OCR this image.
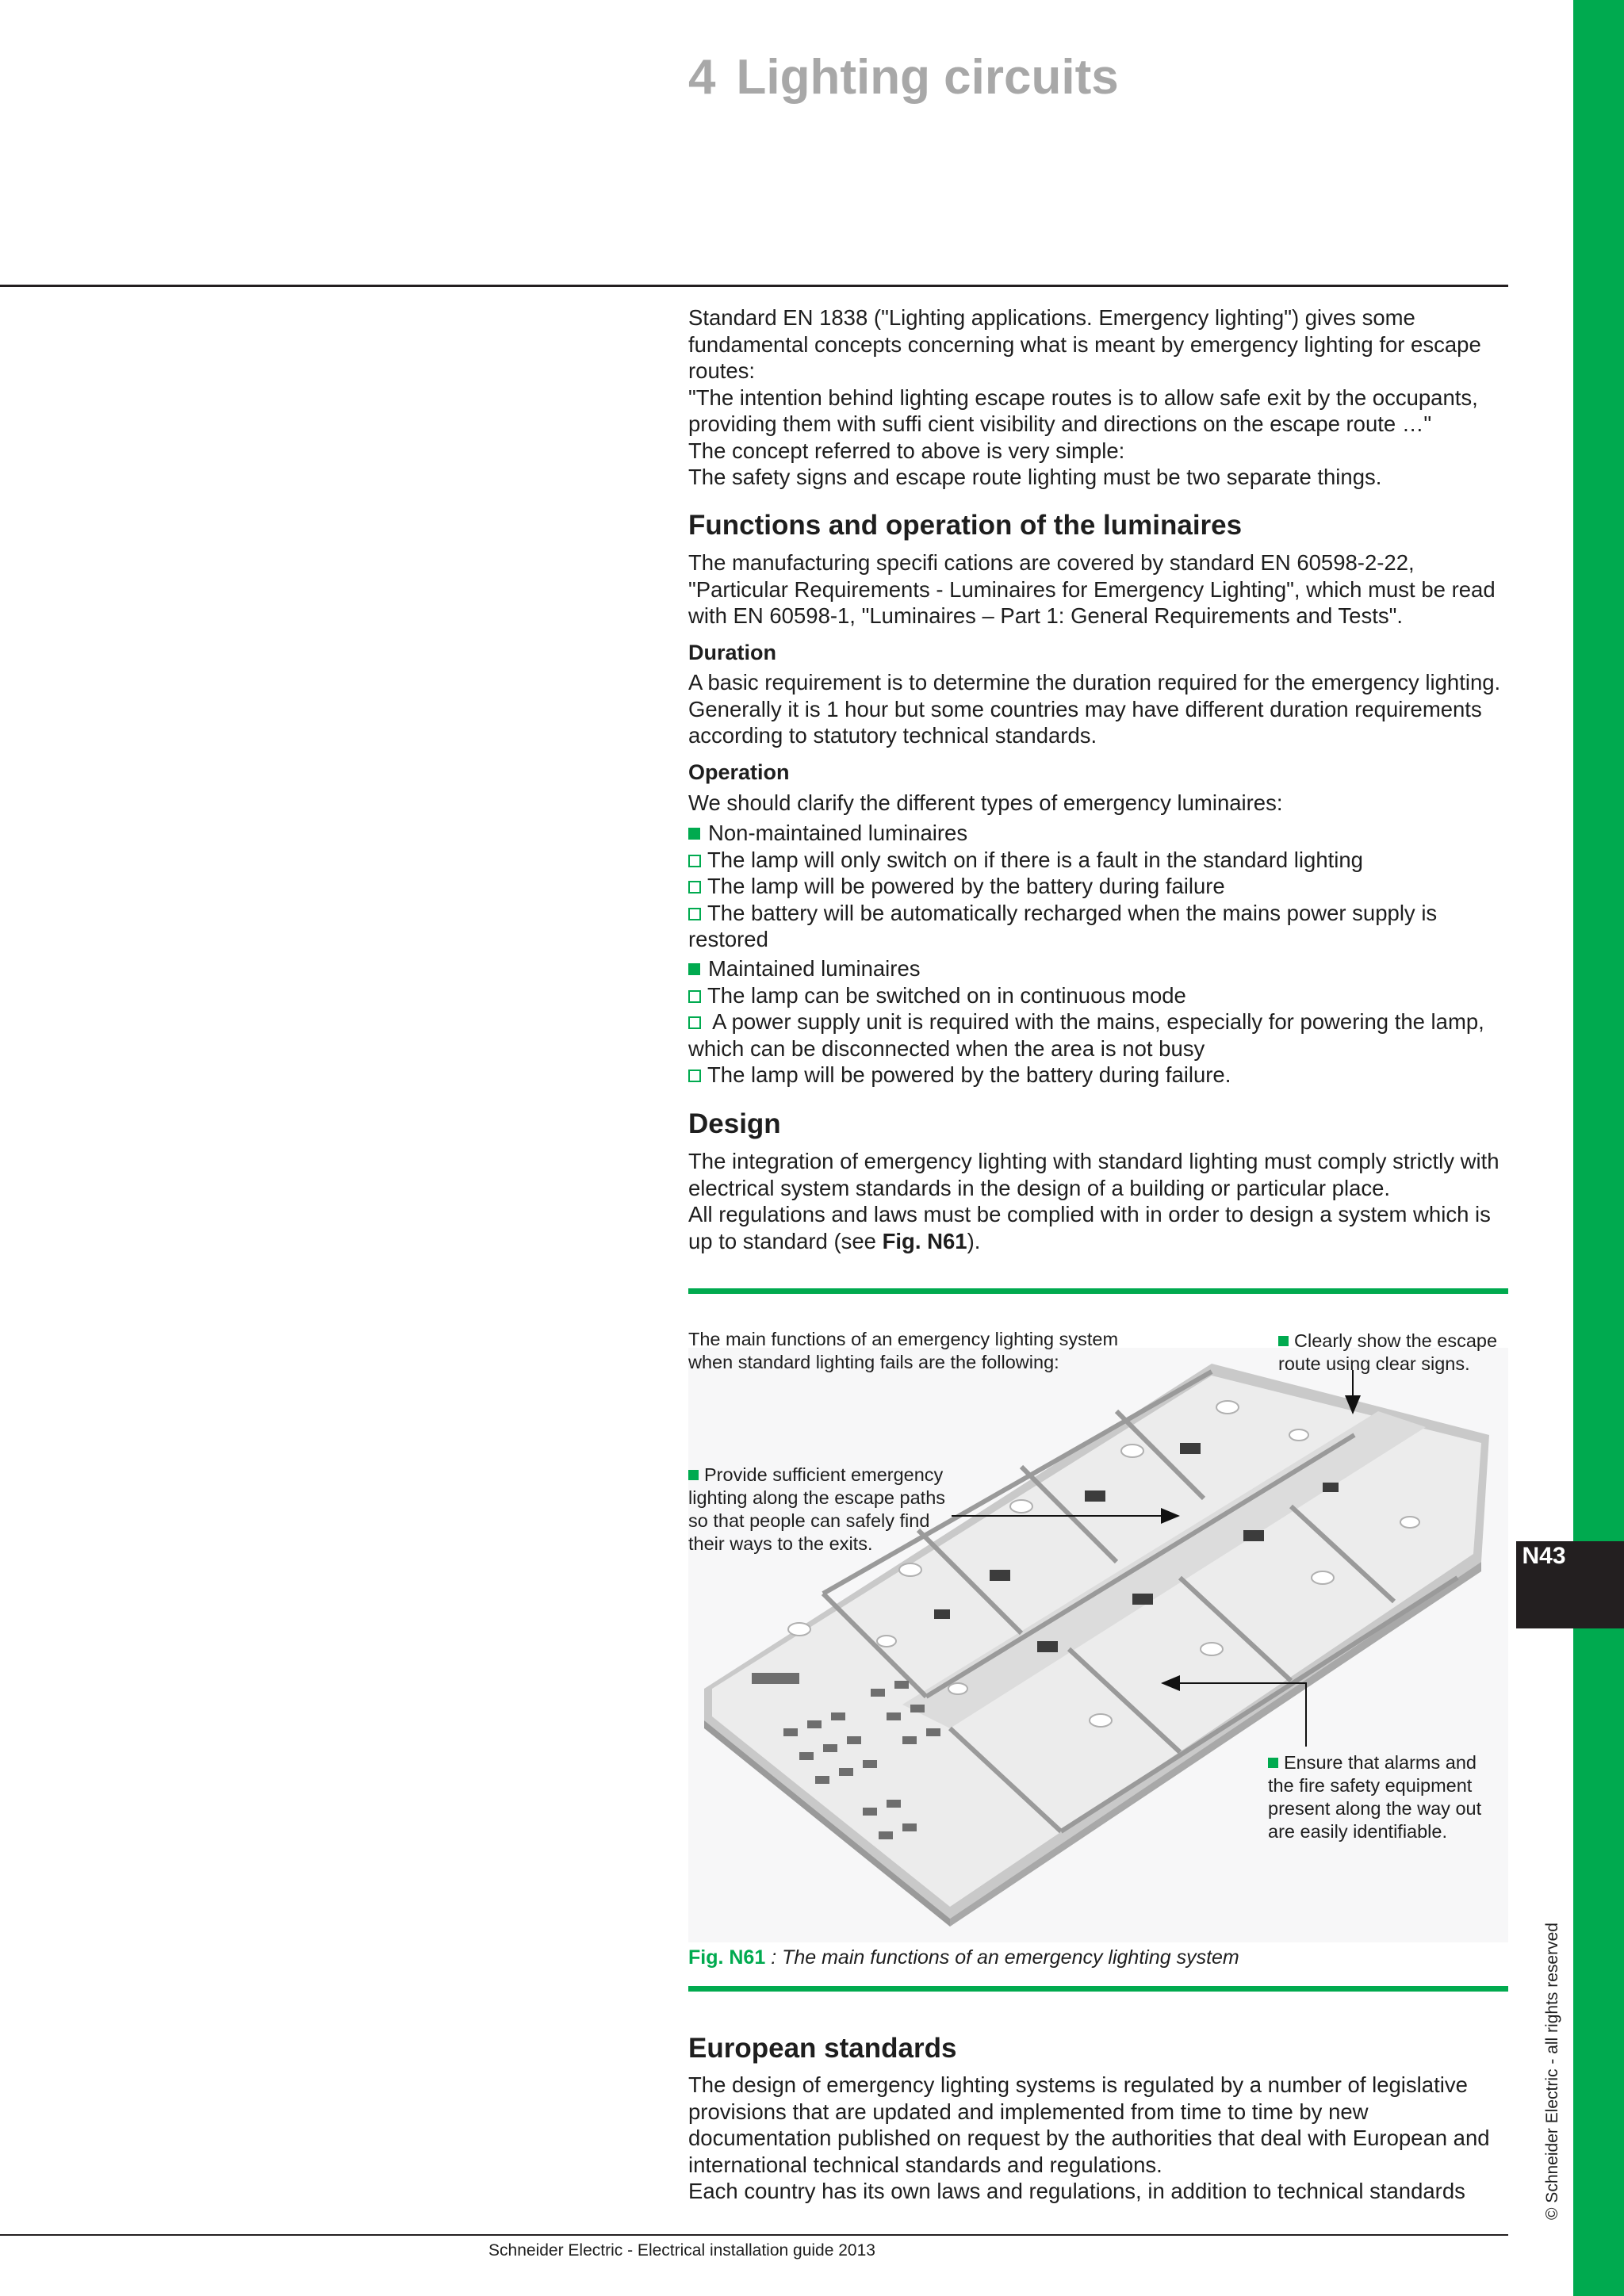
N43
© Schneider Electric - all rights reserved
4 Lighting circuits

Standard EN 1838 ("Lighting applications. Emergency lighting") gives some fundamental concepts concerning what is meant by emergency lighting for escape routes:

"The intention behind lighting escape routes is to allow safe exit by the occupants, providing them with suffi cient visibility and directions on the escape route …"

The concept referred to above is very simple:

The safety signs and escape route lighting must be two separate things.

Functions and operation of the luminaires

The manufacturing specifi cations are covered by standard EN 60598-2-22, "Particular Requirements - Luminaires for Emergency Lighting", which must be read with EN 60598-1, "Luminaires – Part 1: General Requirements and Tests".

Duration

A basic requirement is to determine the duration required for the emergency lighting. Generally it is 1 hour but some countries may have different duration requirements according to statutory technical standards.

Operation

We should clarify the different types of emergency luminaires:

Non-maintained luminaires

The lamp will only switch on if there is a fault in the standard lighting

The lamp will be powered by the battery during failure

The battery will be automatically recharged when the mains power supply is restored

Maintained luminaires

The lamp can be switched on in continuous mode

A power supply unit is required with the mains, especially for powering the lamp, which can be disconnected when the area is not busy

The lamp will be powered by the battery during failure.

Design

The integration of emergency lighting with standard lighting must comply strictly with electrical system standards in the design of a building or particular place.

All regulations and laws must be complied with in order to design a system which is up to standard (see Fig. N61).

The main functions of an emergency lighting system when standard lighting fails are the following:
Clearly show the escape route using clear signs.
Provide sufficient emergency lighting along the escape paths so that people can safely find their ways to the exits.
Ensure that alarms and the fire safety equipment present along the way out are easily identifiable.
Fig. N61 : The main functions of an emergency lighting system
European standards

The design of emergency lighting systems is regulated by a number of legislative provisions that are updated and implemented from time to time by new documentation published on request by the authorities that deal with European and international technical standards and regulations.

Each country has its own laws and regulations, in addition to technical standards

Schneider Electric - Electrical installation guide 2013
